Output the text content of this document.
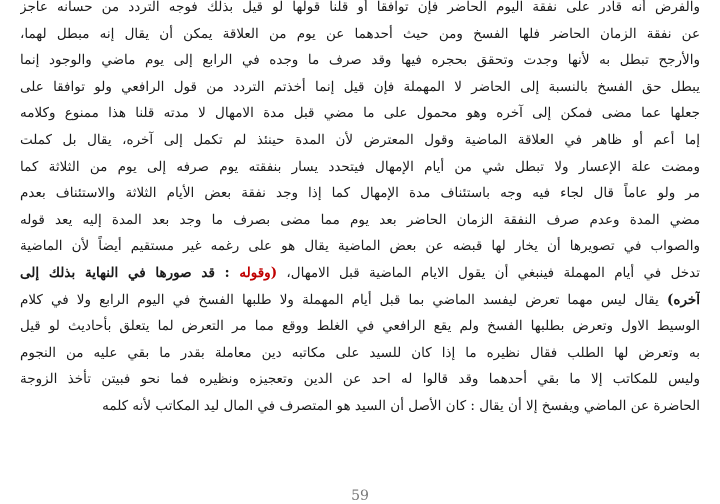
والفرض أنه قادر على نفقة اليوم الحاضر فإن توافقا أو قلنا قولها لو قيل بذلك فوجه التردد من حسانه عاجز
عن نفقة الزمان الحاضر فلها الفسخ ومن حيث أحدهما عن يوم من العلاقة يمكن أن يقال إنه مبطل لهما،
والأرجح تبطل به لأنها وجدت وتحقق بحجره فيها وقد صرف ما وجده في الرابع إلى يوم ماضي والوجود إنما
يبطل حق الفسخ بالنسبة إلى الحاضر لا المهملة فإن قيل إنما أخذتم التردد من قول الرافعي ولو توافقا على
جعلها عما مضى فمكن إلى آخره وهو محمول على ما مضي قبل مدة الامهال لا مدته قلنا هذا ممنوع وكلامه
إما أعم أو ظاهر في العلاقة الماضية وقول المعترض لأن المدة حينئذ لم تكمل إلى آخره، يقال بل كملت
ومضت علة الإعسار ولا تبطل شي من أيام الإمهال فيتحدد يسار بنفقته يوم صرفه إلى يوم من الثلاثة كما
مر ولو عاماً قال لجاء فيه وجه باستئناف مدة الإمهال كما إذا وجد نفقة بعض الأيام الثلاثة والاستئناف بعدم
مضي المدة وعدم صرف النفقة الزمان الحاضر بعد يوم مما مضى بصرف ما وجد بعد المدة إليه يعد قوله
والصواب في تصويرها أن يخار لها قبضه عن بعض الماضية يقال هو على رغمه غير مستقيم أيضاً لأن الماضية
تدخل في أيام المهملة فينبغي أن يقول الايام الماضية قبل الامهال، (وقوله : قد صورها في النهاية بذلك إلى
آخره) يقال ليس مهما تعرض ليفسد الماضي بما قبل أيام المهملة ولا طلبها الفسخ في اليوم الرابع ولا في كلام
الوسيط الاول وتعرض بطلبها الفسخ ولم يقع الرافعي في الغلط ووقع مما مر التعرض لما يتعلق بأحاديث لو قيل
به وتعرض لها الطلب فقال نظيره ما إذا كان للسيد على مكاتبه دين معاملة بقدر ما بقي عليه من النجوم
وليس للمكاتب إلا ما بقي أحدهما وقد قالوا له احد عن الدين وتعجيزه ونظيره فما نحو فبيتن تأخذ الزوجة
الحاضرة عن الماضي ويفسخ إلا أن يقال : كان الأصل أن السيد هو المتصرف في المال ليد المكاتب لأنه كلمه
59
